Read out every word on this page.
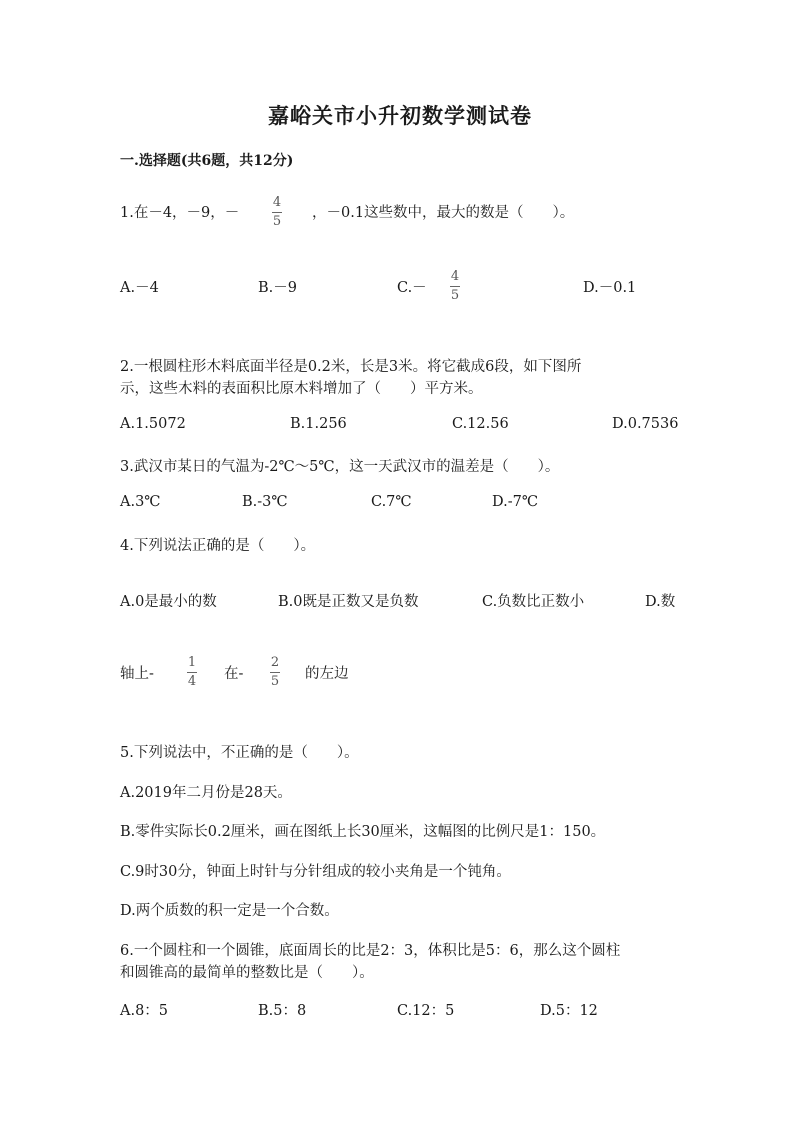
嘉峪关市小升初数学测试卷
一.选择题(共6题，共12分)
1.在－4，－9，－
4
5
，－0.1这些数中，最大的数是（　　）。
A.－4	B.－9	C.－
4
5	D.－0.1
2.一根圆柱形木料底面半径是0.2米，长是3米。将它截成6段，如下图所
示，这些木料的表面积比原木料增加了（　　）平方米。
A.1.5072	B.1.256	C.12.56	D.0.7536
3.武汉市某日的气温为-2℃～5℃，这一天武汉市的温差是（　　）。
A.3℃	B.-3℃	C.7℃	D.-7℃
4.下列说法正确的是（　　）。
A.0是最小的数	B.0既是正数又是负数	C.负数比正数小	D.数
轴上-
1
4 在-
2
5 的左边
5.下列说法中，不正确的是（　　）。
A.2019年二月份是28天。
B.零件实际长0.2厘米，画在图纸上长30厘米，这幅图的比例尺是1：150。
C.9时30分，钟面上时针与分针组成的较小夹角是一个钝角。
D.两个质数的积一定是一个合数。
6.一个圆柱和一个圆锥，底面周长的比是2：3，体积比是5：6，那么这个圆柱
和圆锥高的最简单的整数比是（　　）。
A.8：5	B.5：8	C.12：5	D.5：12
